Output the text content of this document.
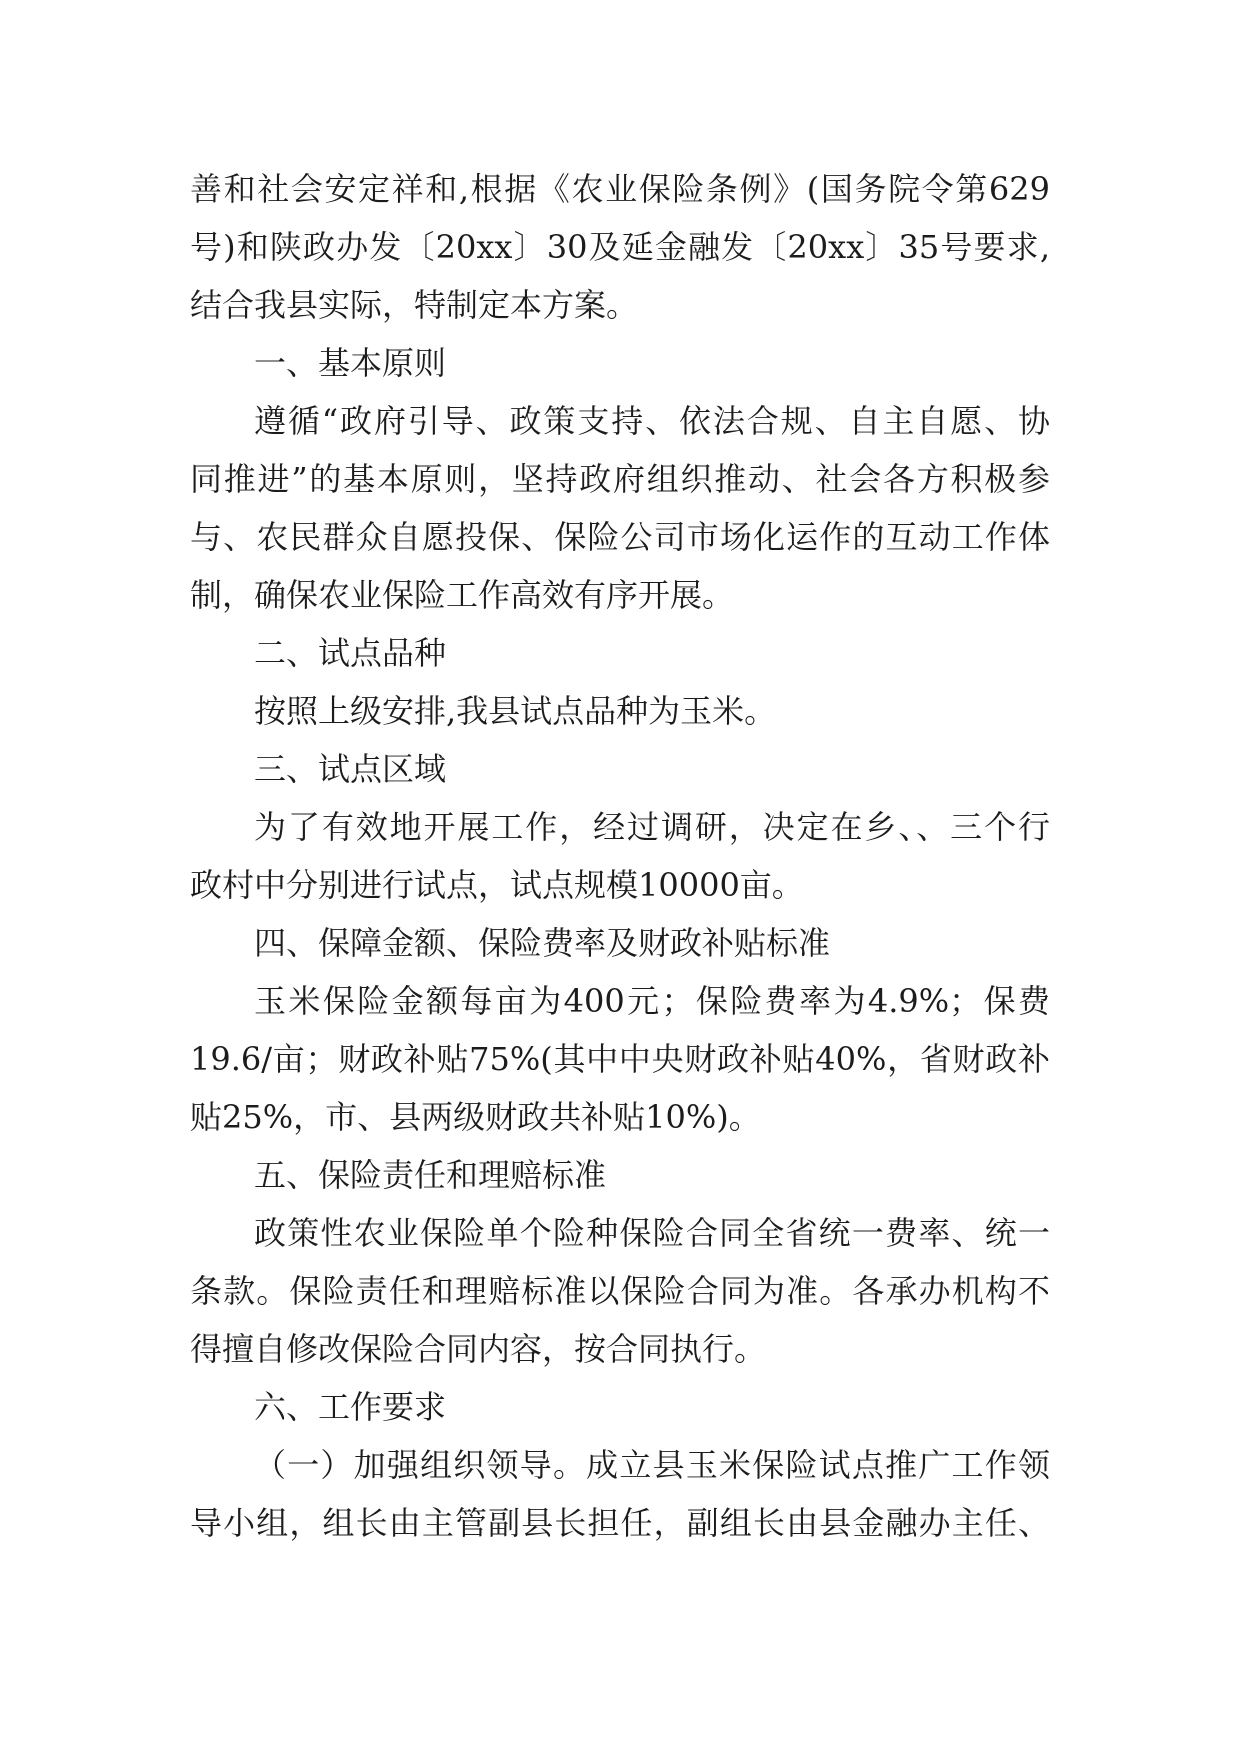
善和社会安定祥和,根据《农业保险条例》(国务院令第629
号)和陕政办发〔20xx〕30及延金融发〔20xx〕35号要求,
结合我县实际，特制定本方案。
一、基本原则
遵循“政府引导、政策支持、依法合规、自主自愿、协
同推进”的基本原则，坚持政府组织推动、社会各方积极参
与、农民群众自愿投保、保险公司市场化运作的互动工作体
制，确保农业保险工作高效有序开展。
二、试点品种
按照上级安排,我县试点品种为玉米。
三、试点区域
为了有效地开展工作，经过调研，决定在乡、、三个行
政村中分别进行试点，试点规模10000亩。
四、保障金额、保险费率及财政补贴标准
玉米保险金额每亩为400元；保险费率为4.9%；保费
19.6/亩；财政补贴75%(其中中央财政补贴40%，省财政补
贴25%，市、县两级财政共补贴10%)。
五、保险责任和理赔标准
政策性农业保险单个险种保险合同全省统一费率、统一
条款。保险责任和理赔标准以保险合同为准。各承办机构不
得擅自修改保险合同内容，按合同执行。
六、工作要求
（一）加强组织领导。成立县玉米保险试点推广工作领
导小组，组长由主管副县长担任，副组长由县金融办主任、
